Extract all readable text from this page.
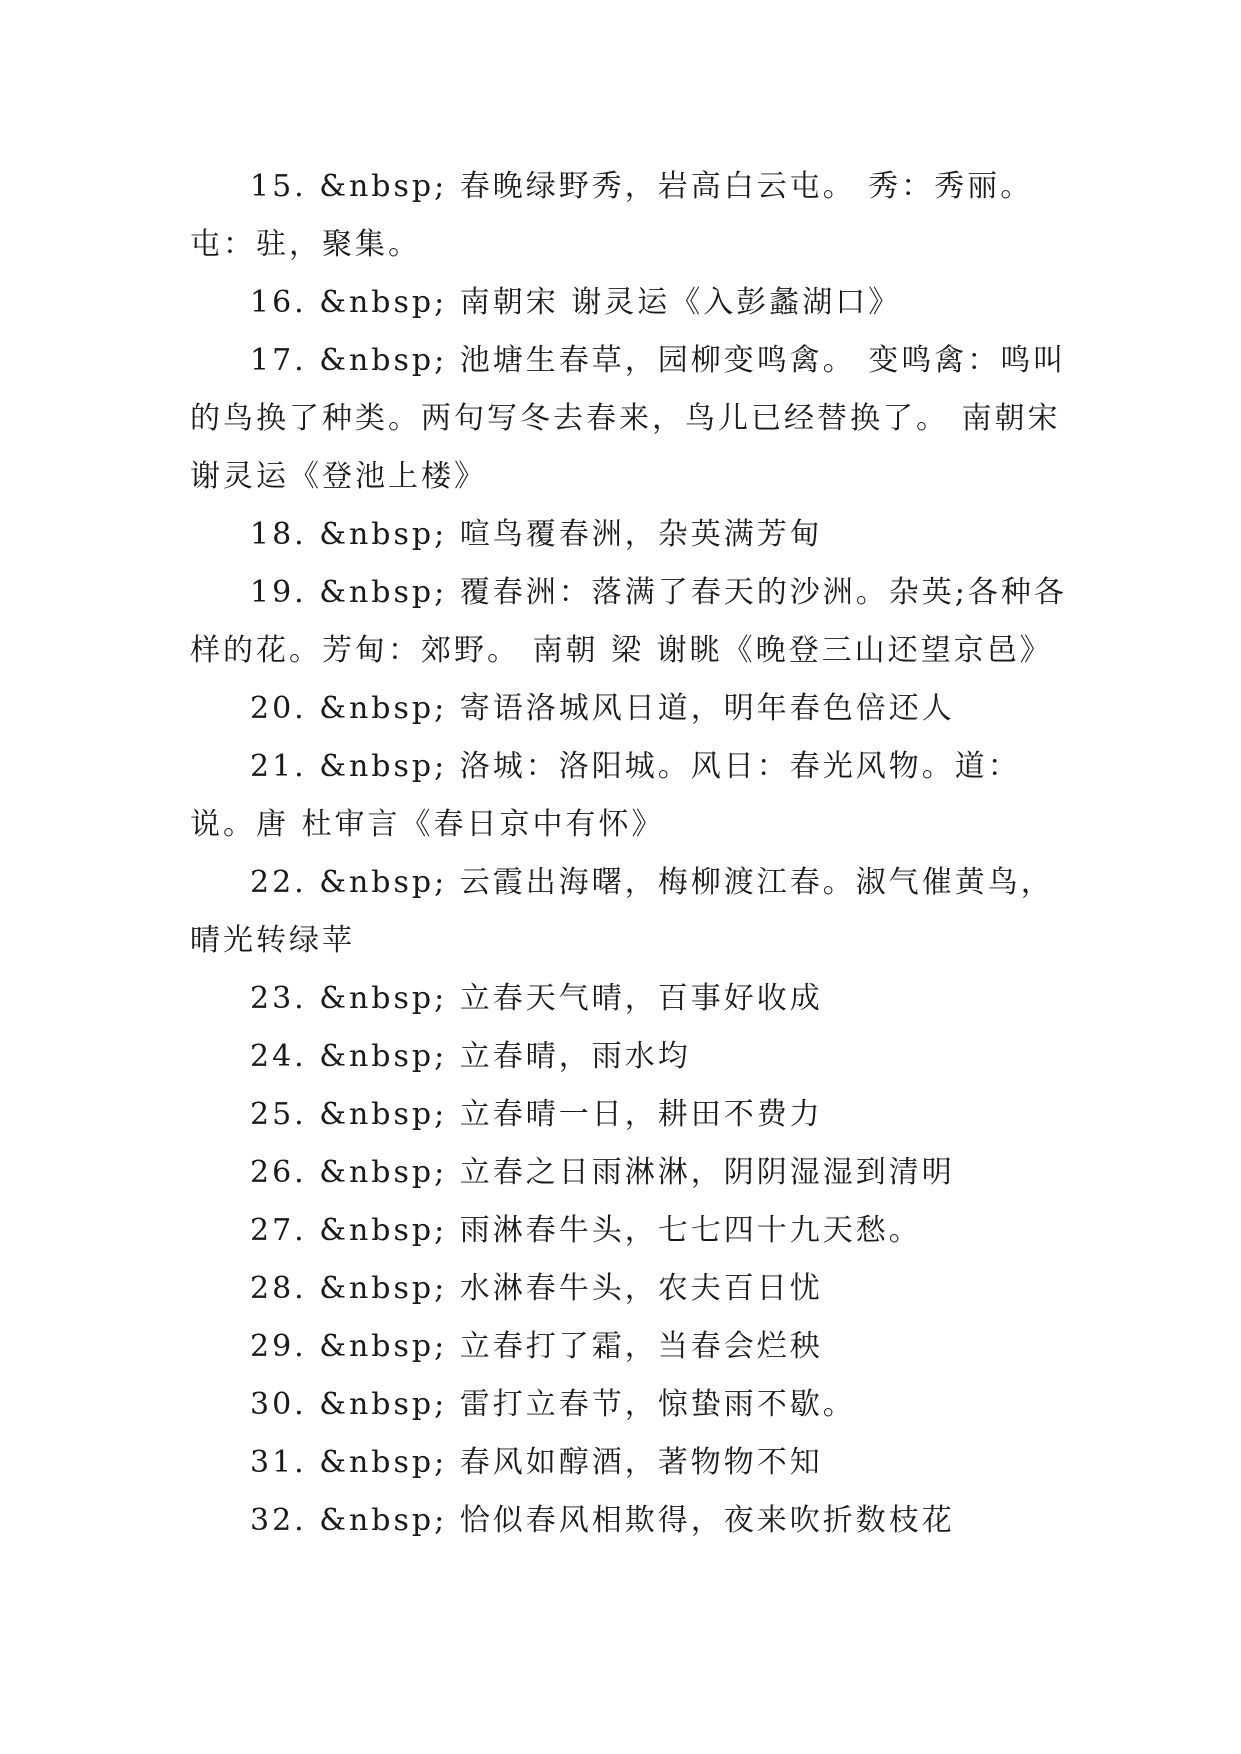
15. &nbsp; 春晚绿野秀，岩高白云屯。 秀：秀丽。屯：驻，聚集。

16. &nbsp; 南朝宋 谢灵运《入彭蠡湖口》

17. &nbsp; 池塘生春草，园柳变鸣禽。 变鸣禽：鸣叫的鸟换了种类。两句写冬去春来，鸟儿已经替换了。 南朝宋 谢灵运《登池上楼》

18. &nbsp; 喧鸟覆春洲，杂英满芳甸

19. &nbsp; 覆春洲：落满了春天的沙洲。杂英;各种各样的花。芳甸：郊野。 南朝 梁 谢眺《晚登三山还望京邑》

20. &nbsp; 寄语洛城风日道，明年春色倍还人

21. &nbsp; 洛城：洛阳城。风日：春光风物。道：说。唐 杜审言《春日京中有怀》

22. &nbsp; 云霞出海曙，梅柳渡江春。淑气催黄鸟，晴光转绿苹

23. &nbsp; 立春天气晴，百事好收成

24. &nbsp; 立春晴，雨水均

25. &nbsp; 立春晴一日，耕田不费力

26. &nbsp; 立春之日雨淋淋，阴阴湿湿到清明

27. &nbsp; 雨淋春牛头，七七四十九天愁。

28. &nbsp; 水淋春牛头，农夫百日忧

29. &nbsp; 立春打了霜，当春会烂秧

30. &nbsp; 雷打立春节，惊蛰雨不歇。

31. &nbsp; 春风如醇酒，著物物不知

32. &nbsp; 恰似春风相欺得，夜来吹折数枝花
